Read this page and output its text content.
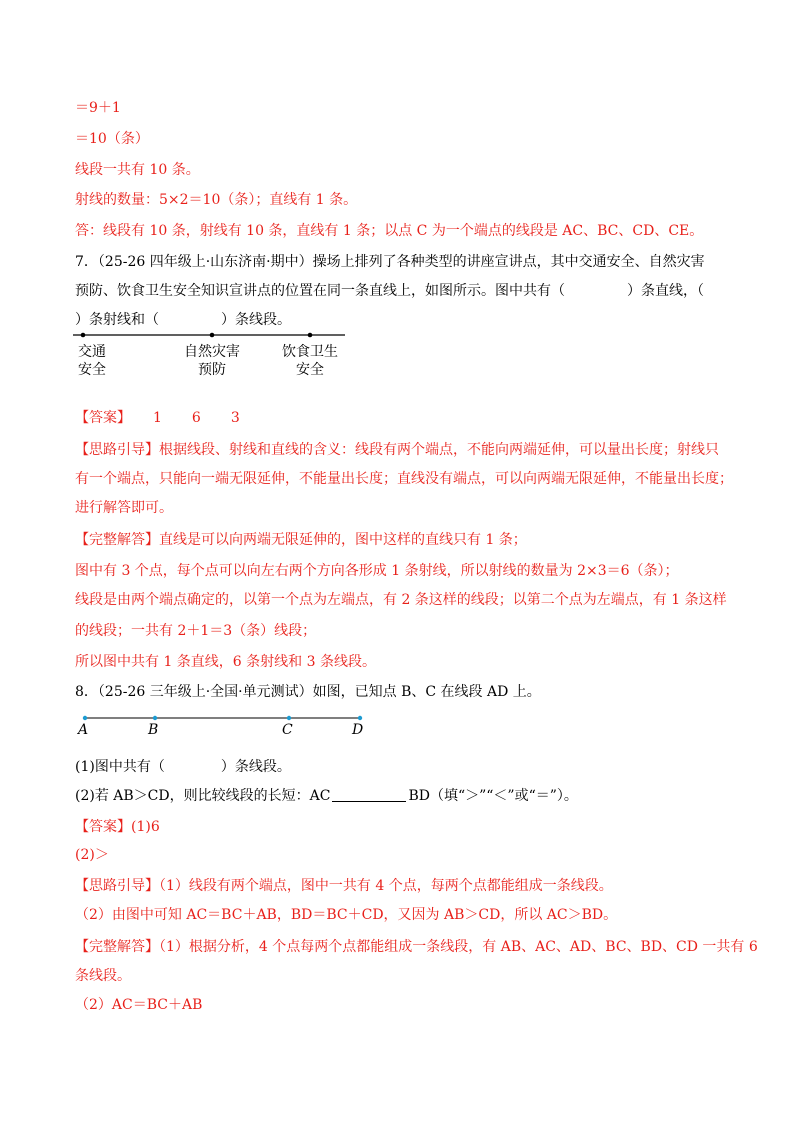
＝9＋1
＝10（条）
线段一共有 10 条。
射线的数量：5×2＝10（条）；直线有 1 条。
答：线段有 10 条，射线有 10 条，直线有 1 条；以点 C 为一个端点的线段是 AC、BC、CD、CE。
7．（25-26 四年级上·山东济南·期中）操场上排列了各种类型的讲座宣讲点，其中交通安全、自然灾害
预防、饮食卫生安全知识宣讲点的位置在同一条直线上，如图所示。图中共有（	）条直线，（
）条射线和（	）条线段。
交通
安全
自然灾害
预防
饮食卫生
安全
【答案】 1 6 3
【思路引导】根据线段、射线和直线的含义：线段有两个端点，不能向两端延伸，可以量出长度；射线只
有一个端点，只能向一端无限延伸，不能量出长度；直线没有端点，可以向两端无限延伸，不能量出长度；
进行解答即可。
【完整解答】直线是可以向两端无限延伸的，图中这样的直线只有 1 条；
图中有 3 个点，每个点可以向左右两个方向各形成 1 条射线，所以射线的数量为 2×3＝6（条）；
线段是由两个端点确定的，以第一个点为左端点，有 2 条这样的线段；以第二个点为左端点，有 1 条这样
的线段；一共有 2＋1＝3（条）线段；
所以图中共有 1 条直线，6 条射线和 3 条线段。
8．（25-26 三年级上·全国·单元测试）如图，已知点 B、C 在线段 AD 上。
A	B	C	D
(1)图中共有（	）条线段。
(2)若 AB＞CD，则比较线段的长短：AC	BD（填“＞”“＜”或“＝”）。
【答案】(1)6
(2)＞
【思路引导】（1）线段有两个端点，图中一共有 4 个点，每两个点都能组成一条线段。
（2）由图中可知 AC＝BC＋AB，BD＝BC＋CD，又因为 AB＞CD，所以 AC＞BD。
【完整解答】（1）根据分析，4 个点每两个点都能组成一条线段，有 AB、AC、AD、BC、BD、CD 一共有 6
条线段。
（2）AC＝BC＋AB
